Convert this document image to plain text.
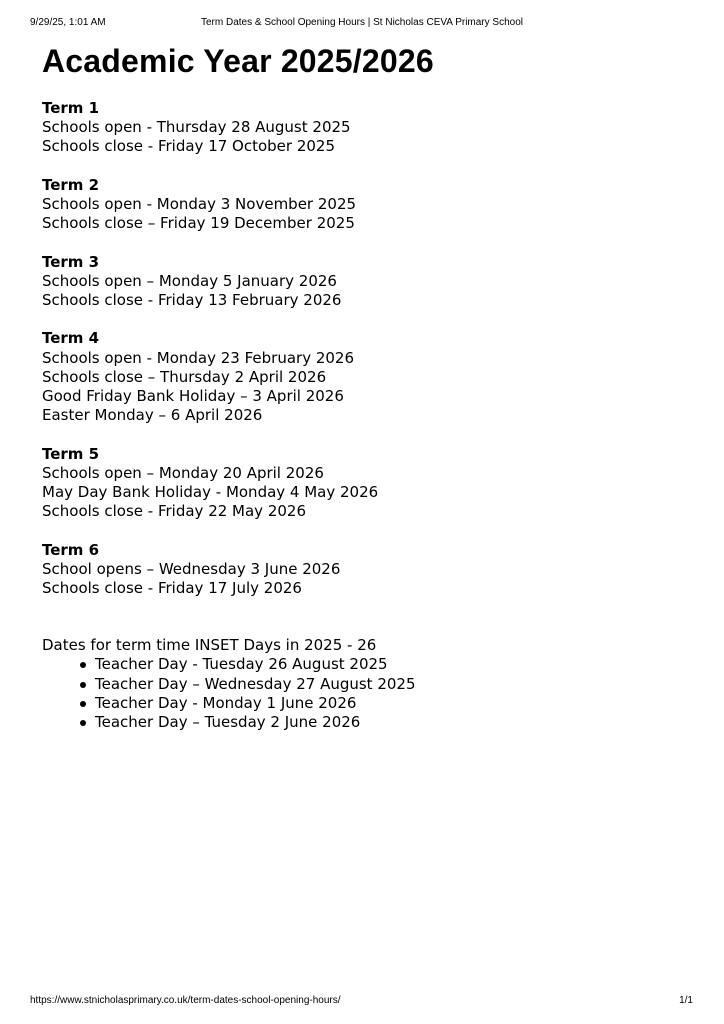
9/29/25, 1:01 AM	Term Dates & School Opening Hours | St Nicholas CEVA Primary School
Academic Year 2025/2026
Term 1
Schools open - Thursday 28 August 2025
Schools close - Friday 17 October 2025
Term 2
Schools open - Monday 3 November 2025
Schools close – Friday 19 December 2025
Term 3
Schools open – Monday 5 January 2026
Schools close - Friday 13 February 2026
Term 4
Schools open - Monday 23 February 2026
Schools close – Thursday 2 April 2026
Good Friday Bank Holiday – 3 April 2026
Easter Monday – 6 April 2026
Term 5
Schools open – Monday 20 April 2026
May Day Bank Holiday - Monday 4 May 2026
Schools close - Friday 22 May 2026
Term 6
School opens – Wednesday 3 June 2026
Schools close - Friday 17 July 2026
Dates for term time INSET Days in 2025 - 26
Teacher Day - Tuesday 26 August 2025
Teacher Day – Wednesday 27 August 2025
Teacher Day - Monday 1 June 2026
Teacher Day – Tuesday 2 June 2026
https://www.stnicholasprimary.co.uk/term-dates-school-opening-hours/	1/1
